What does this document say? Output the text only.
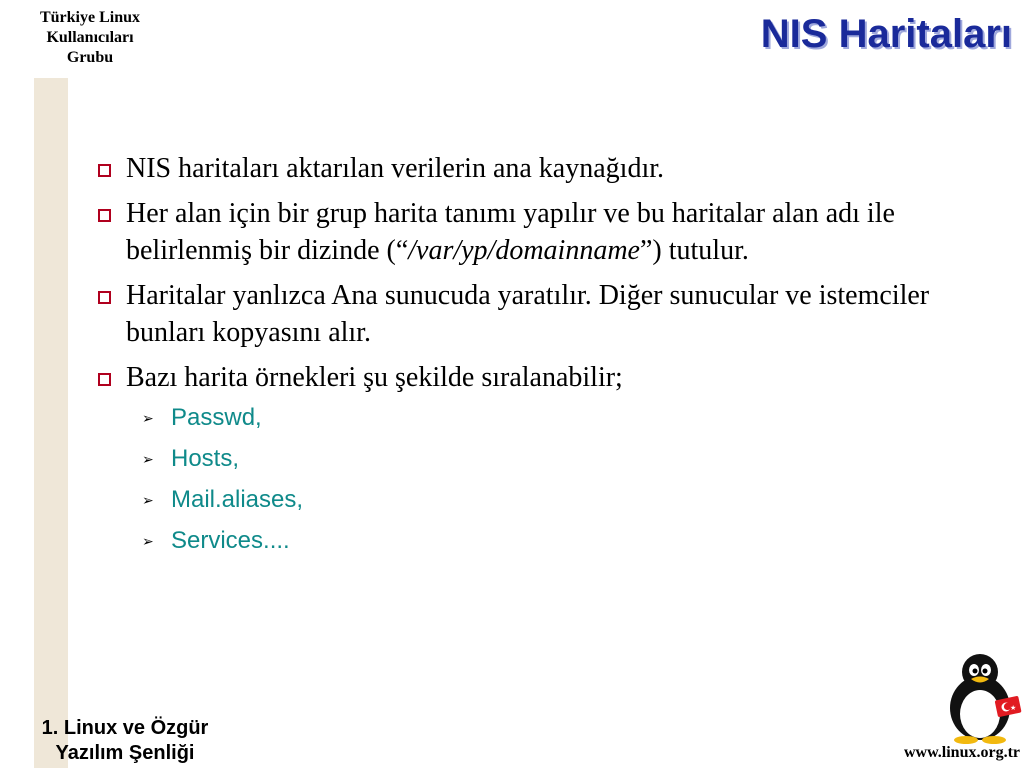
Türkiye Linux
Kullanıcıları
Grubu
NIS Haritaları
NIS haritaları aktarılan verilerin ana kaynağıdır.
Her alan için bir grup harita tanımı yapılır ve bu haritalar alan adı ile belirlenmiş bir dizinde (“/var/yp/domainname”) tutulur.
Haritalar yanlızca Ana sunucuda yaratılır. Diğer sunucular ve istemciler bunları kopyasını alır.
Bazı harita örnekleri şu şekilde sıralanabilir;
➢ Passwd,
➢ Hosts,
➢ Mail.aliases,
➢ Services....
1. Linux ve Özgür
Yazılım Şenliği
★
www.linux.org.tr
